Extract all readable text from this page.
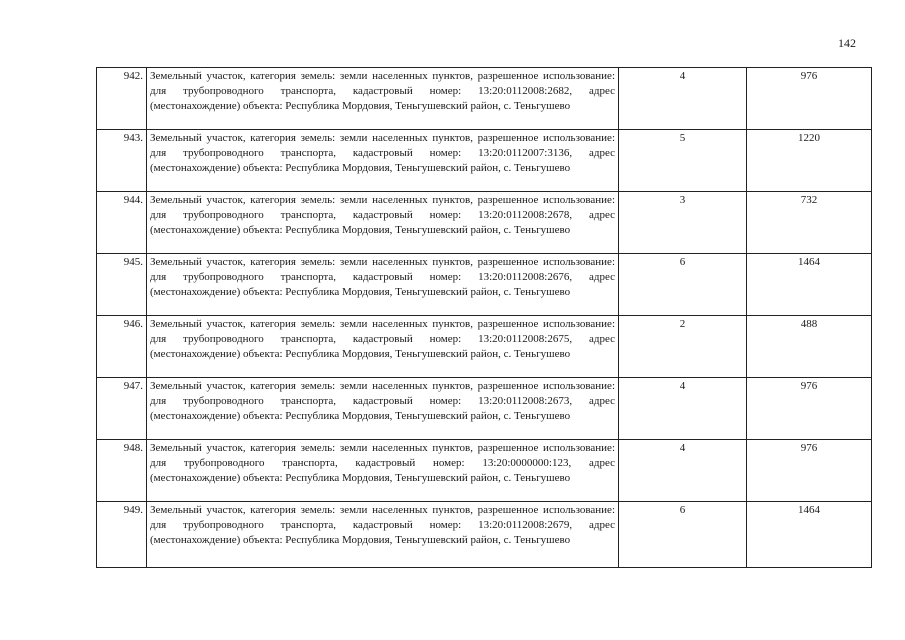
142
942.	Земельный участок, категория земель: земли населенных пунктов, разрешенное использование: для трубопроводного транспорта, кадастровый номер: 13:20:0112008:2682, адрес (местонахождение) объекта: Республика Мордовия, Теньгушевский район, с. Теньгушево	4	976
943.	Земельный участок, категория земель: земли населенных пунктов, разрешенное использование: для трубопроводного транспорта, кадастровый номер: 13:20:0112007:3136, адрес (местонахождение) объекта: Республика Мордовия, Теньгушевский район, с. Теньгушево	5	1220
944.	Земельный участок, категория земель: земли населенных пунктов, разрешенное использование: для трубопроводного транспорта, кадастровый номер: 13:20:0112008:2678, адрес (местонахождение) объекта: Республика Мордовия, Теньгушевский район, с. Теньгушево	3	732
945.	Земельный участок, категория земель: земли населенных пунктов, разрешенное использование: для трубопроводного транспорта, кадастровый номер: 13:20:0112008:2676, адрес (местонахождение) объекта: Республика Мордовия, Теньгушевский район, с. Теньгушево	6	1464
946.	Земельный участок, категория земель: земли населенных пунктов, разрешенное использование: для трубопроводного транспорта, кадастровый номер: 13:20:0112008:2675, адрес (местонахождение) объекта: Республика Мордовия, Теньгушевский район, с. Теньгушево	2	488
947.	Земельный участок, категория земель: земли населенных пунктов, разрешенное использование: для трубопроводного транспорта, кадастровый номер: 13:20:0112008:2673, адрес (местонахождение) объекта: Республика Мордовия, Теньгушевский район, с. Теньгушево	4	976
948.	Земельный участок, категория земель: земли населенных пунктов, разрешенное использование: для трубопроводного транспорта, кадастровый номер: 13:20:0000000:123, адрес (местонахождение) объекта: Республика Мордовия, Теньгушевский район, с. Теньгушево	4	976
949.	Земельный участок, категория земель: земли населенных пунктов, разрешенное использование: для трубопроводного транспорта, кадастровый номер: 13:20:0112008:2679, адрес (местонахождение) объекта: Республика Мордовия, Теньгушевский район, с. Теньгушево	6	1464
